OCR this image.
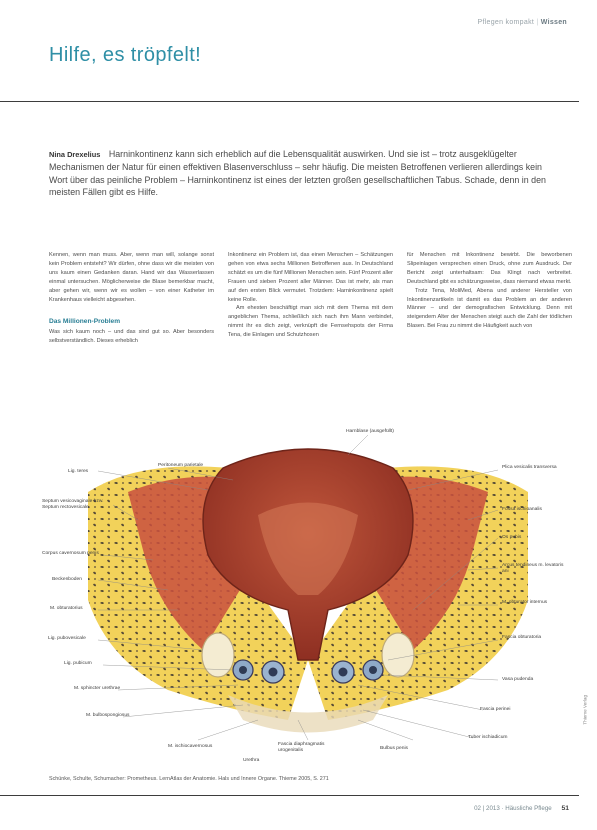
Pflegen kompakt | Wissen
Hilfe, es tröpfelt!

Nina Drexelius Harninkontinenz kann sich erheblich auf die Lebensqualität auswirken. Und sie ist – trotz ausgeklügelter Mechanismen der Natur für einen effektiven Blasenverschluss – sehr häufig. Die meisten Betroffenen verlieren allerdings kein Wort über das peinliche Problem – Harninkontinenz ist eines der letzten großen gesellschaftlichen Tabus. Schade, denn in den meisten Fällen gibt es Hilfe.

Kennen, wenn man muss. Aber, wenn man will, solange sonst kein Problem entsteht? Wir dürfen, ohne dass wir die meisten von uns kaum einen Gedanken daran. Hand wir das Wasserlassen einmal untersuchen. Möglicherweise die Blase bemerkbar macht, aber gehen wir, wenn wir es wollen – von einer Katheter im Krankenhaus vielleicht abgesehen.

Das Millionen-Problem

Was sich kaum noch – und das sind gut so. Aber besonders selbstverständlich. Dieses erheblich

Inkontinenz ein Problem ist, das einen Menschen – Schätzungen gehen von etwa sechs Millionen Betroffenen aus. In Deutschland schätzt es um die fünf Millionen Menschen sein. Fünf Prozent aller Frauen und sieben Prozent aller Männer. Das ist mehr, als man auf den ersten Blick vermutet. Trotzdem: Harninkontinenz spielt keine Rolle.

Am ehesten beschäftigt man sich mit dem Thema mit dem angeblichen Thema, schließlich sich nach ihm Mann verbindet, nimmt ihr es dich zeigt, verknüpft die Fernsehspots der Firma Tena, die Einlagen und Schutzhosen

für Menschen mit Inkontinenz bewirbt. Die beworbenen Slipeinlagen versprechen einen Druck, ohne zum Ausdruck. Der Bericht zeigt unterhaltsam: Das Klingt nach verbreitet. Deutschland gibt es schätzungsweise, dass niemand etwas merkt.

Trotz Tena, MoliMed, Abena und anderer Hersteller von Inkontinenzartikeln ist damit es das Problem an der anderen Männer – und der demografischen Entwicklung. Denn mit steigendem Alter der Menschen steigt auch die Zahl der tödlichen Blasen. Bei Frau zu nimmt die Häufigkeit auch von

Lig. teres
Peritoneum parietale
Septum vesicovaginale bzw. Septum rectovesicale
Corpus cavernosum penis
Beckenboden
M. obturatorius
Lig. pubovesicale
Lig. pubicum
M. sphincter urethrae
M. bulbospongiosus
Harnblase (ausgefüllt)
Plica vesicalis transversa
Fossa ischioanalis
Os pubis
Arcus tendineus m. levatoris ani
M. obturator internus
Fascia obturatoria
Vasa pudenda
Fascia perinei
Tuber ischiadicum
Bulbus penis
M. ischiocavernosus	Fascia diaphragmatis urogenitalis
Urethra
Thieme Verlag
Schünke, Schulte, Schumacher: Prometheus. LernAtlas der Anatomie. Hals und Innere Organe. Thieme 2005, S. 271
02 | 2013 · Häusliche Pflege 51
